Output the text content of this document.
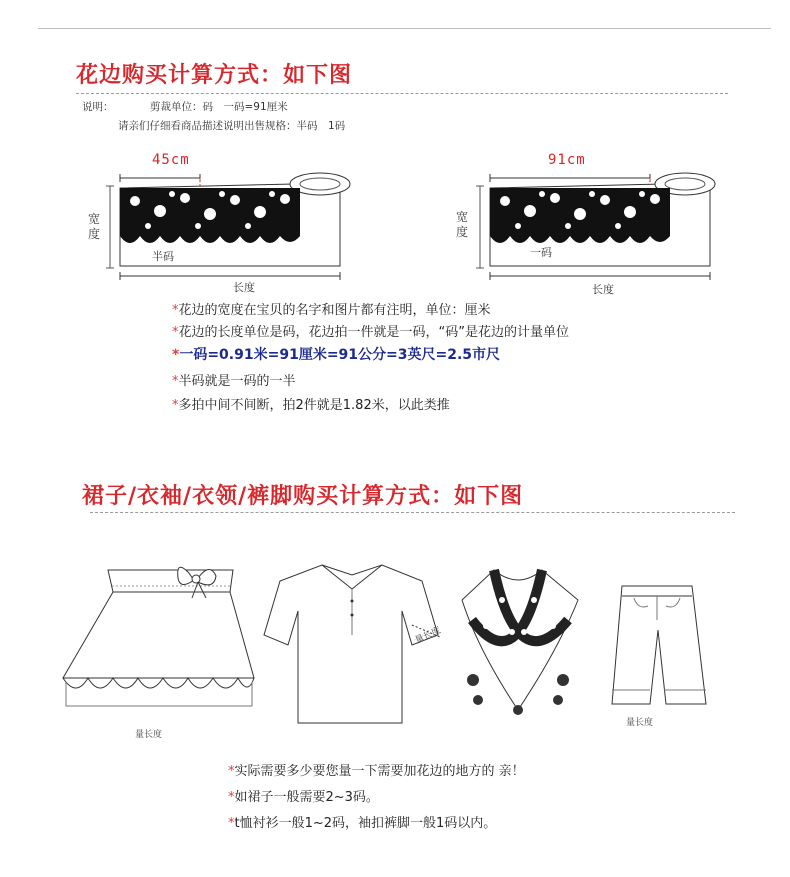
花边购买计算方式：如下图
说明：	剪裁单位：码　一码=91厘米
请亲们仔细看商品描述说明出售规格：半码　1码
45cm
宽度
半码
长度
91cm
宽度
一码
长度
*花边的宽度在宝贝的名字和图片都有注明，单位：厘米
*花边的长度单位是码，花边拍一件就是一码，“码”是花边的计量单位
*一码=0.91米=91厘米=91公分=3英尺=2.5市尺
*半码就是一码的一半
*多拍中间不间断，拍2件就是1.82米，以此类推
裙子/衣袖/衣领/裤脚购买计算方式：如下图
量长度
量长度
量长度
*实际需要多少要您量一下需要加花边的地方的 亲！
*如裙子一般需要2~3码。
*t恤衬衫一般1~2码，袖扣裤脚一般1码以内。
